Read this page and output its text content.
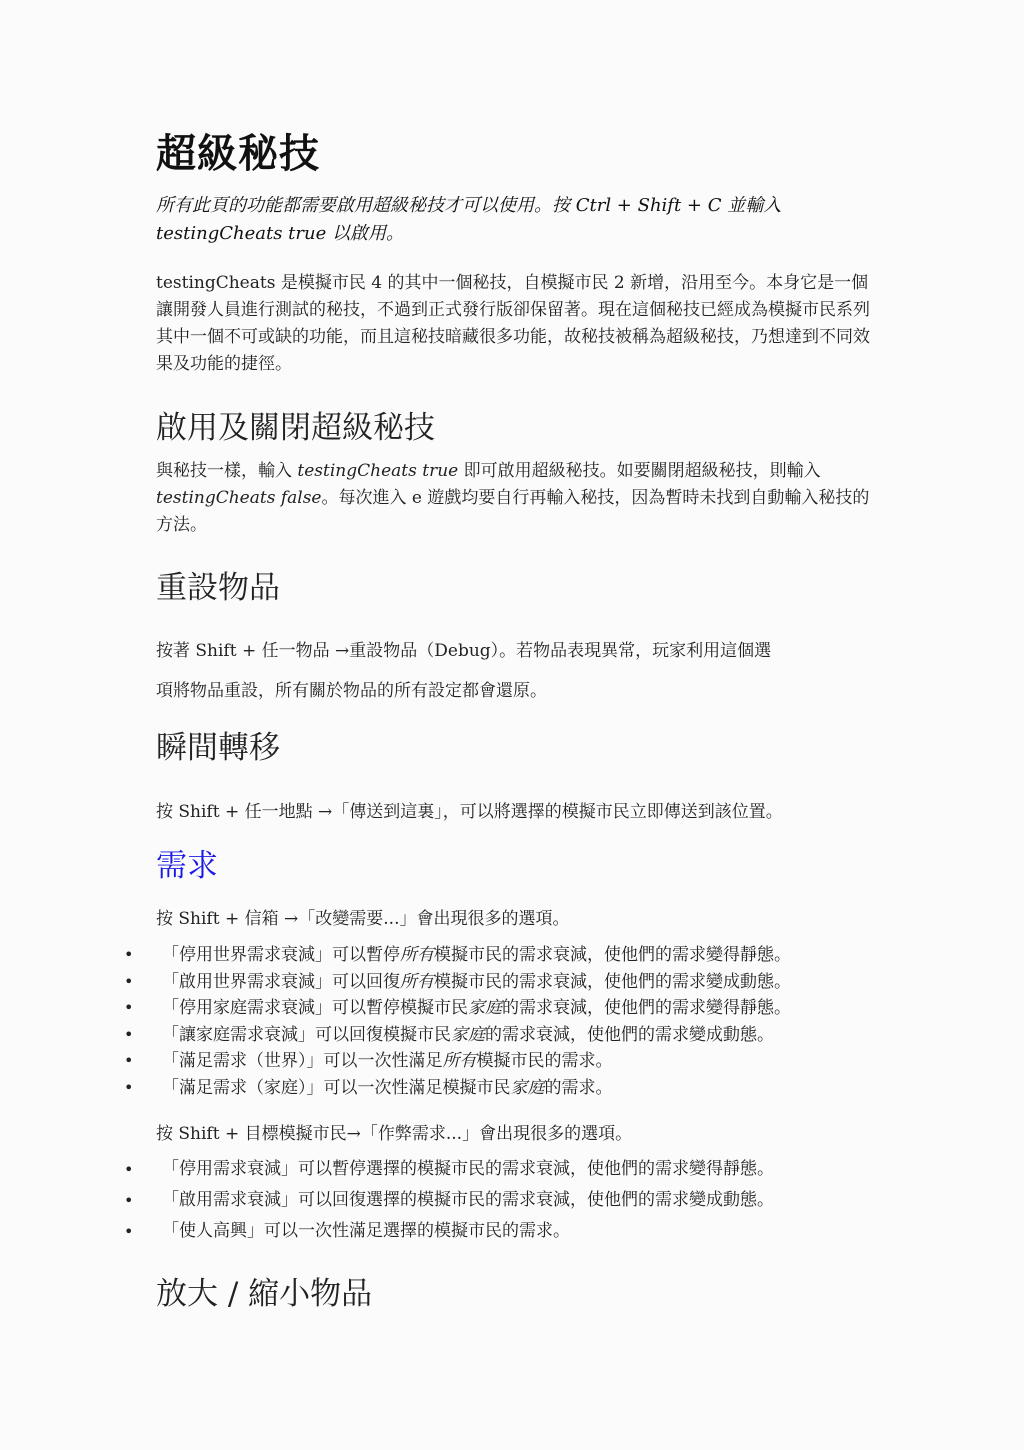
超級秘技
所有此頁的功能都需要啟用超級秘技才可以使用。按 Ctrl + Shift + C 並輸入 testingCheats true 以啟用。
testingCheats 是模擬市民 4 的其中一個秘技，自模擬市民 2 新增，沿用至今。本身它是一個讓開發人員進行測試的秘技，不過到正式發行版卻保留著。現在這個秘技已經成為模擬市民系列其中一個不可或缺的功能，而且這秘技暗藏很多功能，故秘技被稱為超級秘技，乃想達到不同效果及功能的捷徑。
啟用及關閉超級秘技
與秘技一樣，輸入 testingCheats true 即可啟用超級秘技。如要關閉超級秘技，則輸入 testingCheats false。每次進入 e 遊戲均要自行再輸入秘技，因為暫時未找到自動輸入秘技的方法。
重設物品
按著 Shift + 任一物品 →重設物品（Debug）。若物品表現異常，玩家利用這個選
項將物品重設，所有關於物品的所有設定都會還原。
瞬間轉移
按 Shift + 任一地點 →「傳送到這裏」，可以將選擇的模擬市民立即傳送到該位置。
需求
按 Shift + 信箱 →「改變需要...」會出現很多的選項。
• 「停用世界需求衰減」可以暫停所有模擬市民的需求衰減，使他們的需求變得靜態。
• 「啟用世界需求衰減」可以回復所有模擬市民的需求衰減，使他們的需求變成動態。
• 「停用家庭需求衰減」可以暫停模擬市民家庭的需求衰減，使他們的需求變得靜態。
• 「讓家庭需求衰減」可以回復模擬市民家庭的需求衰減，使他們的需求變成動態。
• 「滿足需求（世界）」可以一次性滿足所有模擬市民的需求。
• 「滿足需求（家庭）」可以一次性滿足模擬市民家庭的需求。
按 Shift + 目標模擬市民→「作弊需求...」會出現很多的選項。
• 「停用需求衰減」可以暫停選擇的模擬市民的需求衰減，使他們的需求變得靜態。
• 「啟用需求衰減」可以回復選擇的模擬市民的需求衰減，使他們的需求變成動態。
• 「使人高興」可以一次性滿足選擇的模擬市民的需求。
放大 / 縮小物品
